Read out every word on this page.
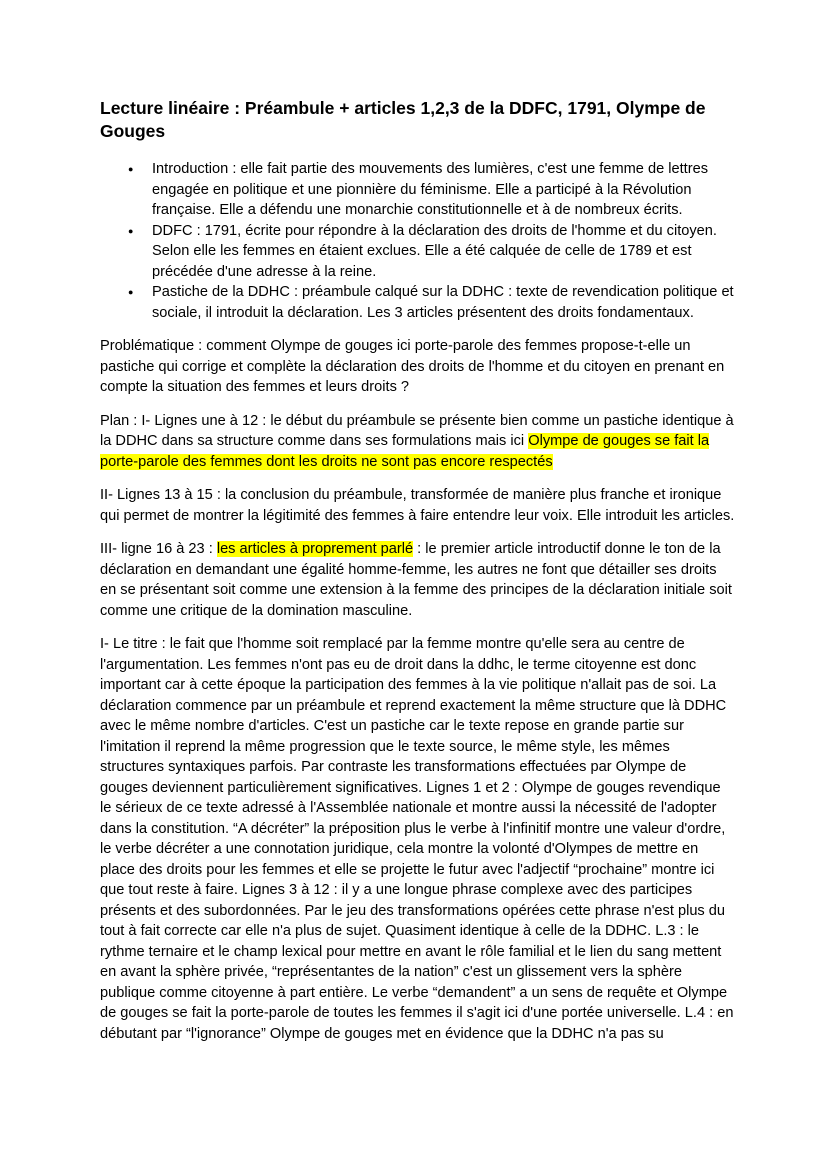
Lecture linéaire : Préambule + articles 1,2,3 de la DDFC, 1791, Olympe de Gouges
● Introduction : elle fait partie des mouvements des lumières, c'est une femme de lettres engagée en politique et une pionnière du féminisme. Elle a participé à la Révolution française. Elle a défendu une monarchie constitutionnelle et à de nombreux écrits.
● DDFC : 1791, écrite pour répondre à la déclaration des droits de l'homme et du citoyen. Selon elle les femmes en étaient exclues. Elle a été calquée de celle de 1789 et est précédée d'une adresse à la reine.
● Pastiche de la DDHC : préambule calqué sur la DDHC : texte de revendication politique et sociale, il introduit la déclaration. Les 3 articles présentent des droits fondamentaux.

Problématique : comment Olympe de gouges ici porte-parole des femmes propose-t-elle un pastiche qui corrige et complète la déclaration des droits de l'homme et du citoyen en prenant en compte la situation des femmes et leurs droits ?

Plan : I- Lignes une à 12 : le début du préambule se présente bien comme un pastiche identique à la DDHC dans sa structure comme dans ses formulations mais ici Olympe de gouges se fait la porte-parole des femmes dont les droits ne sont pas encore respectés

II- Lignes 13 à 15 : la conclusion du préambule, transformée de manière plus franche et ironique qui permet de montrer la légitimité des femmes à faire entendre leur voix. Elle introduit les articles.

III- ligne 16 à 23 : les articles à proprement parlé : le premier article introductif donne le ton de la déclaration en demandant une égalité homme-femme, les autres ne font que détailler ses droits en se présentant soit comme une extension à la femme des principes de la déclaration initiale soit comme une critique de la domination masculine.

I- Le titre : le fait que l'homme soit remplacé par la femme montre qu'elle sera au centre de l'argumentation. Les femmes n'ont pas eu de droit dans la ddhc, le terme citoyenne est donc important car à cette époque la participation des femmes à la vie politique n'allait pas de soi. La déclaration commence par un préambule et reprend exactement la même structure que là DDHC avec le même nombre d'articles. C'est un pastiche car le texte repose en grande partie sur l'imitation il reprend la même progression que le texte source, le même style, les mêmes structures syntaxiques parfois. Par contraste les transformations effectuées par Olympe de gouges deviennent particulièrement significatives. Lignes 1 et 2 : Olympe de gouges revendique le sérieux de ce texte adressé à l'Assemblée nationale et montre aussi la nécessité de l'adopter dans la constitution. “A décréter” la préposition plus le verbe à l'infinitif montre une valeur d'ordre, le verbe décréter a une connotation juridique, cela montre la volonté d'Olympes de mettre en place des droits pour les femmes et elle se projette le futur avec l'adjectif “prochaine” montre ici que tout reste à faire. Lignes 3 à 12 : il y a une longue phrase complexe avec des participes présents et des subordonnées. Par le jeu des transformations opérées cette phrase n'est plus du tout à fait correcte car elle n'a plus de sujet. Quasiment identique à celle de la DDHC. L.3 : le rythme ternaire et le champ lexical pour mettre en avant le rôle familial et le lien du sang mettent en avant la sphère privée, “représentantes de la nation” c'est un glissement vers la sphère publique comme citoyenne à part entière. Le verbe “demandent” a un sens de requête et Olympe de gouges se fait la porte-parole de toutes les femmes il s'agit ici d'une portée universelle. L.4 : en débutant par “l'ignorance” Olympe de gouges met en évidence que la DDHC n'a pas su
